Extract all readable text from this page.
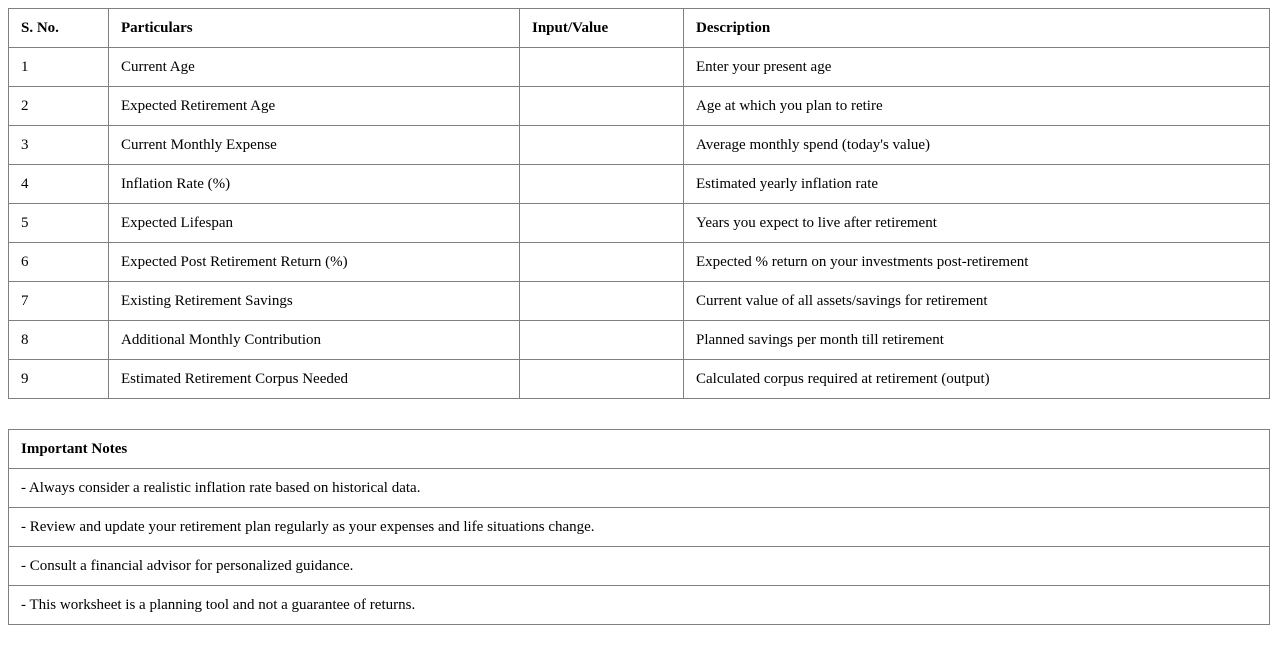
S. No.	Particulars	Input/Value	Description
1	Current Age		Enter your present age
2	Expected Retirement Age		Age at which you plan to retire
3	Current Monthly Expense		Average monthly spend (today's value)
4	Inflation Rate (%)		Estimated yearly inflation rate
5	Expected Lifespan		Years you expect to live after retirement
6	Expected Post Retirement Return (%)		Expected % return on your investments post-retirement
7	Existing Retirement Savings		Current value of all assets/savings for retirement
8	Additional Monthly Contribution		Planned savings per month till retirement
9	Estimated Retirement Corpus Needed		Calculated corpus required at retirement (output)
Important Notes
- Always consider a realistic inflation rate based on historical data.
- Review and update your retirement plan regularly as your expenses and life situations change.
- Consult a financial advisor for personalized guidance.
- This worksheet is a planning tool and not a guarantee of returns.
